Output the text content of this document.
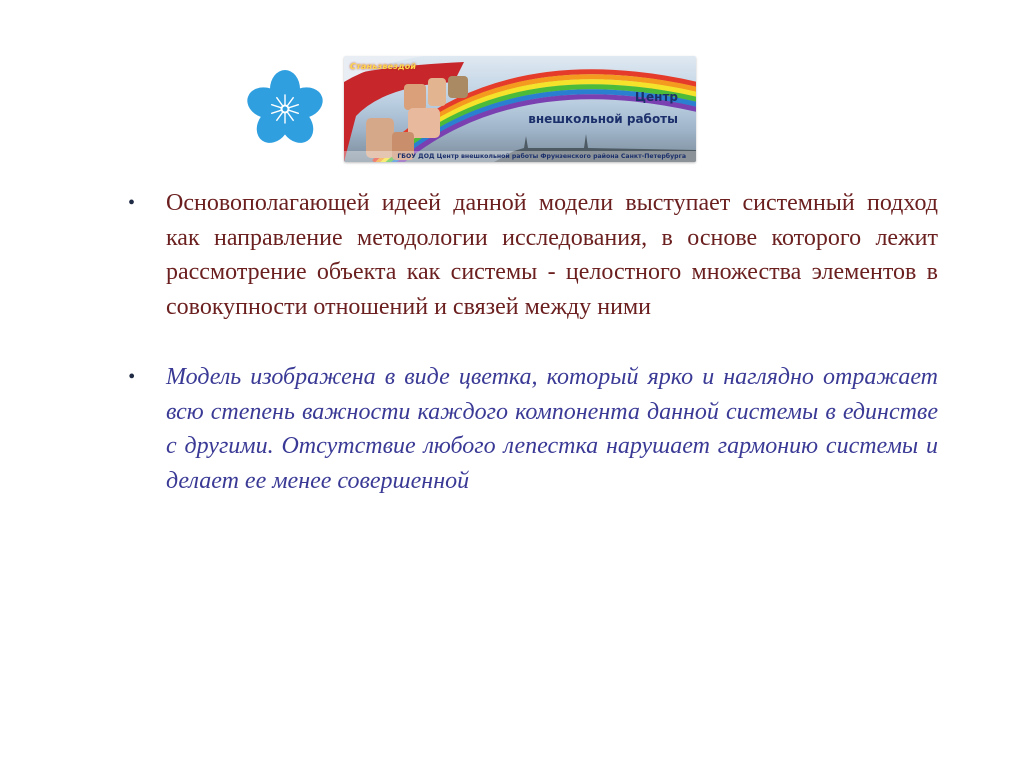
Станьзвездой
Центр
внешкольной работы
ГБОУ ДОД Центр внешкольной работы Фрунзенского района Санкт-Петербурга
• Основополагающей идеей данной модели выступает системный подход как направление методологии исследования, в основе которого лежит рассмотрение объекта как системы - целостного множества элементов в совокупности отношений и связей между ними
• Модель изображена в виде цветка, который ярко и наглядно отражает всю степень важности каждого компонента данной системы в единстве с другими. Отсутствие любого лепестка нарушает гармонию системы и делает ее менее совершенной
